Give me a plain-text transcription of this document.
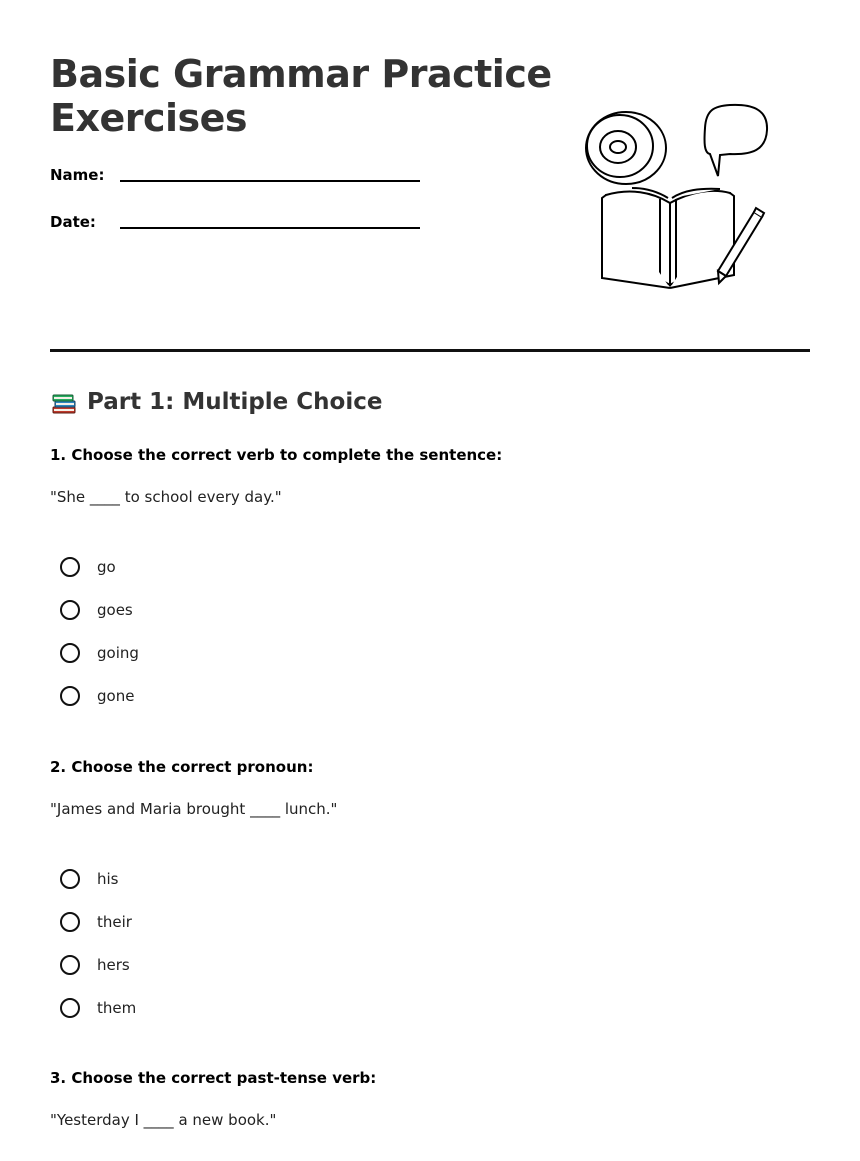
Basic Grammar Practice
Exercises
Name:
Date:
Part 1: Multiple Choice

1. Choose the correct verb to complete the sentence:

"She ____ to school every day."

go
goes
going
gone

2. Choose the correct pronoun:

"James and Maria brought ____ lunch."

his
their
hers
them

3. Choose the correct past-tense verb:

"Yesterday I ____ a new book."
